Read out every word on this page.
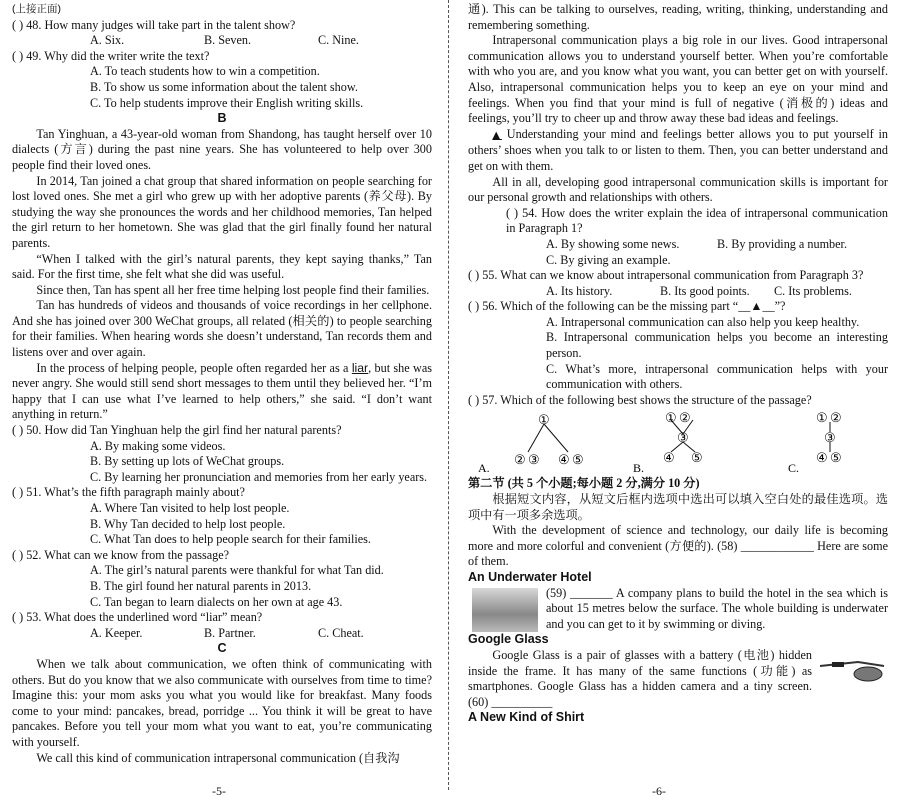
(上接正面)

( ) 48. How many judges will take part in the talent show?

A. Six.	B. Seven.	C. Nine.

( ) 49. Why did the writer write the text?

A. To teach students how to win a competition.

B. To show us some information about the talent show.

C. To help students improve their English writing skills.

B

Tan Yinghuan, a 43-year-old woman from Shandong, has taught herself over 10 dialects (方言) during the past nine years. She has volunteered to help over 300 people find their loved ones.

In 2014, Tan joined a chat group that shared information on people searching for lost loved ones. She met a girl who grew up with her adoptive parents (养父母). By studying the way she pronounces the words and her childhood memories, Tan helped the girl return to her hometown. She was glad that the girl finally found her natural parents.

“When I talked with the girl’s natural parents, they kept saying thanks,” Tan said. For the first time, she felt what she did was useful.

Since then, Tan has spent all her free time helping lost people find their families.

Tan has hundreds of videos and thousands of voice recordings in her cellphone. And she has joined over 300 WeChat groups, all related (相关的) to people searching for their families. When hearing words she doesn’t understand, Tan records them and listens over and over again.

In the process of helping people, people often regarded her as a liar, but she was never angry. She would still send short messages to them until they believed her. “I’m happy that I can use what I’ve learned to help others,” she said. “I don’t want anything in return.”

( ) 50. How did Tan Yinghuan help the girl find her natural parents?

A. By making some videos.

B. By setting up lots of WeChat groups.

C. By learning her pronunciation and memories from her early years.

( ) 51. What’s the fifth paragraph mainly about?

A. Where Tan visited to help lost people.

B. Why Tan decided to help lost people.

C. What Tan does to help people search for their families.

( ) 52. What can we know from the passage?

A. The girl’s natural parents were thankful for what Tan did.

B. The girl found her natural parents in 2013.

C. Tan began to learn dialects on her own at age 43.

( ) 53. What does the underlined word “liar” mean?

A. Keeper.	B. Partner.	C. Cheat.

C

When we talk about communication, we often think of communicating with others. But do you know that we also communicate with ourselves from time to time? Imagine this: your mom asks you what you would like for breakfast. Many foods come to your mind: pancakes, bread, porridge ... You think it will be great to have pancakes. Before you tell your mom what you want to eat, you’re communicating with yourself.

We call this kind of communication intrapersonal communication (自我沟

-5-

通). This can be talking to ourselves, reading, writing, thinking, understanding and remembering something.

Intrapersonal communication plays a big role in our lives. Good intrapersonal communication allows you to understand yourself better. When you’re comfortable with who you are, and you know what you want, you can better get on with yourself. Also, intrapersonal communication helps you to keep an eye on your mind and feelings. When you find that your mind is full of negative (消极的) ideas and feelings, you’ll try to cheer up and throw away these bad ideas and feelings.

▲ Understanding your mind and feelings better allows you to put yourself in others’ shoes when you talk to or listen to them. Then, you can better understand and get on with them.

All in all, developing good intrapersonal communication skills is important for our personal growth and relationships with others.

( ) 54. How does the writer explain the idea of intrapersonal communication in Paragraph 1?

A. By showing some news.	B. By providing a number.

C. By giving an example.

( ) 55. What can we know about intrapersonal communication from Paragraph 3?

A. Its history.	B. Its good points.	C. Its problems.

( ) 56. Which of the following can be the missing part “__▲__”?

A. Intrapersonal communication can also help you keep healthy.

B. Intrapersonal communication helps you become an interesting person.

C. What’s more, intrapersonal communication helps with your communication with others.

( ) 57. Which of the following best shows the structure of the passage?

①
② ③ ④ ⑤
A.
① ②
③
④ ⑤
B.
① ②
③
④ ⑤
C.

第二节 (共 5 个小题;每小题 2 分,满分 10 分)

根据短文内容，从短文后框内选项中选出可以填入空白处的最佳选项。选项中有一项多余选项。

With the development of science and technology, our daily life is becoming more and more colorful and convenient (方便的). (58) ____________ Here are some of them.

An Underwater Hotel

(59) _______ A company plans to build the hotel in the sea which is about 15 metres below the surface. The whole building is underwater and you can get to it by swimming or diving.

Google Glass

Google Glass is a pair of glasses with a battery (电池) hidden inside the frame. It has many of the same functions (功能) as smartphones. Google Glass has a hidden camera and a tiny screen. (60) __________

A New Kind of Shirt

-6-
